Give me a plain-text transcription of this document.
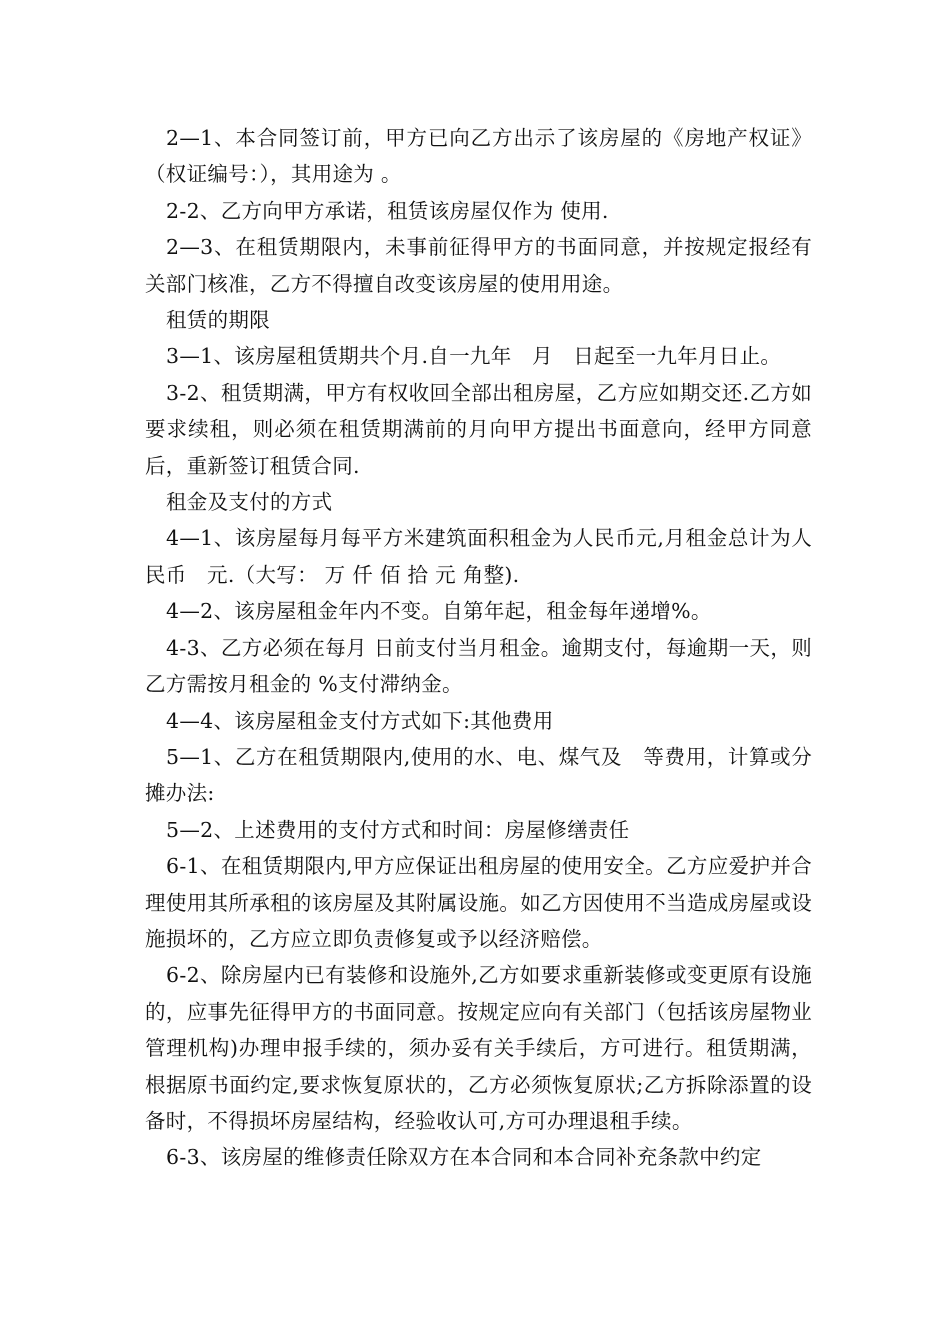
2—1、本合同签订前，甲方已向乙方出示了该房屋的《房地产权证》（权证编号：），其用途为 。

2-2、乙方向甲方承诺，租赁该房屋仅作为 使用.

2—3、在租赁期限内，未事前征得甲方的书面同意，并按规定报经有关部门核准，乙方不得擅自改变该房屋的使用用途。

租赁的期限

3—1、该房屋租赁期共个月.自一九年   月   日起至一九年月日止。

3-2、租赁期满，甲方有权收回全部出租房屋，乙方应如期交还.乙方如要求续租，则必须在租赁期满前的月向甲方提出书面意向，经甲方同意后，重新签订租赁合同.

租金及支付的方式

4—1、该房屋每月每平方米建筑面积租金为人民币元,月租金总计为人民币   元.（大写： 万 仟 佰 拾 元 角整).

4—2、该房屋租金年内不变。自第年起，租金每年递增%。

4-3、乙方必须在每月 日前支付当月租金。逾期支付，每逾期一天，则乙方需按月租金的 %支付滞纳金。

4—4、该房屋租金支付方式如下:其他费用

5—1、乙方在租赁期限内,使用的水、电、煤气及   等费用，计算或分摊办法:

5—2、上述费用的支付方式和时间：房屋修缮责任

6-1、在租赁期限内,甲方应保证出租房屋的使用安全。乙方应爱护并合理使用其所承租的该房屋及其附属设施。如乙方因使用不当造成房屋或设施损坏的，乙方应立即负责修复或予以经济赔偿。

6-2、除房屋内已有装修和设施外,乙方如要求重新装修或变更原有设施的，应事先征得甲方的书面同意。按规定应向有关部门（包括该房屋物业管理机构)办理申报手续的，须办妥有关手续后，方可进行。租赁期满，根据原书面约定,要求恢复原状的，乙方必须恢复原状;乙方拆除添置的设备时，不得损坏房屋结构，经验收认可,方可办理退租手续。

6-3、该房屋的维修责任除双方在本合同和本合同补充条款中约定
